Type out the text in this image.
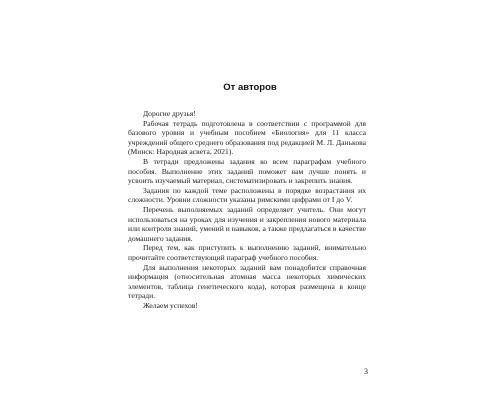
От авторов

Дорогие друзья!

Рабочая тетрадь подготовлена в соответствии с программой для базового уровня и учебным пособием «Биология» для 11 класса учреждений общего среднего образования под редакцией М. Л. Данькова (Минск: Народная асвета, 2021).

В тетради предложены задания ко всем параграфам учебного пособия. Выполнение этих заданий поможет вам лучше понять и усвоить изучаемый материал, систематизировать и закрепить знания.

Задания по каждой теме расположены в порядке возрастания их сложности. Уровни сложности указаны римскими цифрами от I до V.

Перечень выполняемых заданий определяет учитель. Они могут использоваться на уроках для изучения и закрепления нового материала или контроля знаний, умений и навыков, а также предлагаться в качестве домашнего задания.

Перед тем, как приступить к выполнению заданий, внимательно прочитайте соответствующий параграф учебного пособия.

Для выполнения некоторых заданий вам понадобится справочная информация (относительная атомная масса некоторых химических элементов, таблица генетического кода), которая размещена в конце тетради.

Желаем успехов!

3
